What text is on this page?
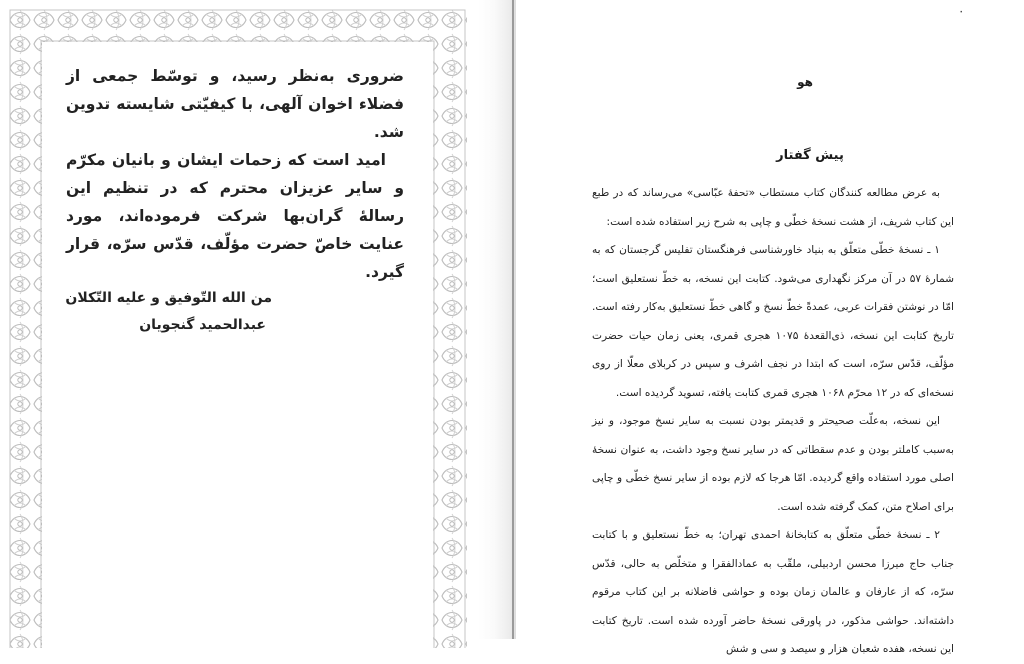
ضروری به‌نظر رسید، و توسّط جمعی از فضلاء اخوان آلهی، با کیفیّتی شایسته تدوین شد.

امید است که زحمات ایشان و بانیان مکرّم و سایر عزیزان محترم که در تنظیم این رسالهٔ گران‌بها شرکت فرموده‌اند، مورد عنایت خاصّ حضرت مؤلّف، قدّس سرّه، قرار گیرد.

من الله التّوفیق و علیه التّکلان
عبدالحمید گنجویان
۰
هو
پیش گفتار

به عرض مطالعه کنندگان کتاب مستطاب «تحفهٔ عبّاسی» می‌رساند که در طبع این کتاب شریف، از هشت نسخهٔ خطّی و چاپی به شرح زیر استفاده شده است:

۱ ـ نسخهٔ خطّی متعلّق به بنیاد خاورشناسی فرهنگستان تفلیس گرجستان که به شمارهٔ ۵۷ در آن مرکز نگهداری می‌شود. کتابت این نسخه، به خطّ نستعلیق است؛ امّا در نوشتن فقرات عربی، عمدةً خطّ نسخ و گاهی خطّ نستعلیق به‌کار رفته است. تاریخ کتابت این نسخه، ذی‌القعدهٔ ۱۰۷۵ هجری قمری، یعنی زمان حیات حضرت مؤلّف، قدّس سرّه، است که ابتدا در نجف اشرف و سپس در کربلای معلّا از روی نسخه‌ای که در ۱۲ محرّم ۱۰۶۸ هجری قمری کتابت یافته، تسوید گردیده است.

این نسخه، به‌علّت صحیحتر و قدیمتر بودن نسبت به سایر نسخ موجود، و نیز به‌سبب کاملتر بودن و عدم سقطاتی که در سایر نسخ وجود داشت، به عنوان نسخهٔ اصلی مورد استفاده واقع گردیده. امّا هرجا که لازم بوده از سایر نسخ خطّی و چاپی برای اصلاح متن، کمک گرفته شده است.

۲ ـ نسخهٔ خطّی متعلّق به کتابخانهٔ احمدی تهران؛ به خطّ نستعلیق و با کتابت جناب حاج میرزا محسن اردبیلی، ملقّب به عمادالفقرا و متخلّص به حالی، قدّس سرّه، که از عارفان و عالمان زمان بوده و حواشی فاضلانه بر این کتاب مرقوم داشته‌اند. حواشی مذکور، در پاورقی نسخهٔ حاضر آورده شده است. تاریخ کتابت این نسخه، هفده شعبان هزار و سیصد و سی و شش
